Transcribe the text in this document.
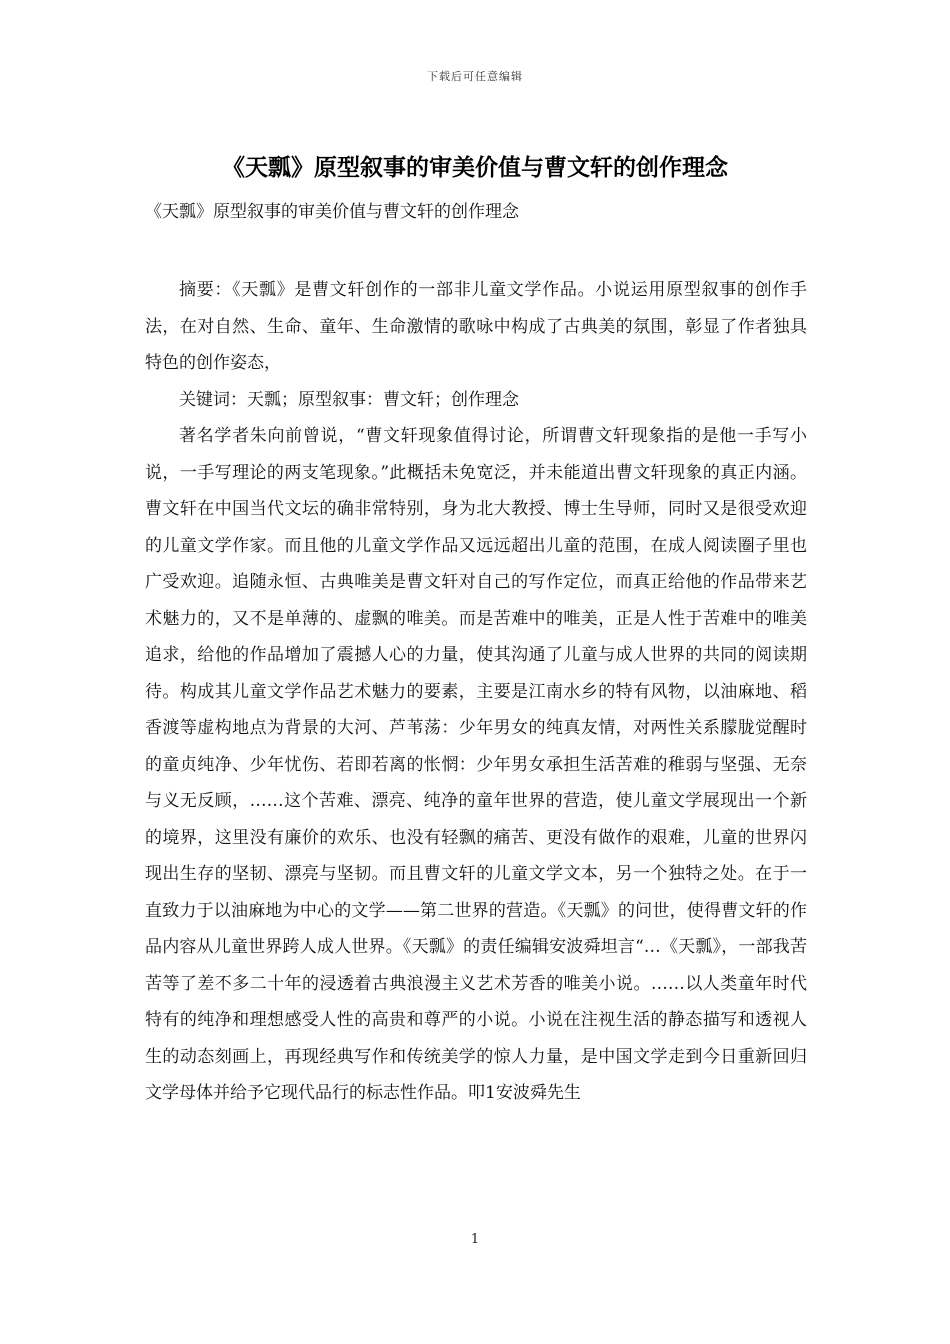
下载后可任意编辑
《天瓢》原型叙事的审美价值与曹文轩的创作理念
《天瓢》原型叙事的审美价值与曹文轩的创作理念

摘要：《天瓢》是曹文轩创作的一部非儿童文学作品。小说运用原型叙事的创作手法，在对自然、生命、童年、生命激情的歌咏中构成了古典美的氛围，彰显了作者独具特色的创作姿态，

关键词：天瓢；原型叙事：曹文轩；创作理念

著名学者朱向前曾说，“曹文轩现象值得讨论，所谓曹文轩现象指的是他一手写小说，一手写理论的两支笔现象。”此概括未免宽泛，并未能道出曹文轩现象的真正内涵。曹文轩在中国当代文坛的确非常特别，身为北大教授、博士生导师，同时又是很受欢迎的儿童文学作家。而且他的儿童文学作品又远远超出儿童的范围，在成人阅读圈子里也广受欢迎。追随永恒、古典唯美是曹文轩对自己的写作定位，而真正给他的作品带来艺术魅力的，又不是单薄的、虚飘的唯美。而是苦难中的唯美，正是人性于苦难中的唯美追求，给他的作品增加了震撼人心的力量，使其沟通了儿童与成人世界的共同的阅读期待。构成其儿童文学作品艺术魅力的要素，主要是江南水乡的特有风物，以油麻地、稻香渡等虚构地点为背景的大河、芦苇荡：少年男女的纯真友情，对两性关系朦胧觉醒时的童贞纯净、少年忧伤、若即若离的怅惘：少年男女承担生活苦难的稚弱与坚强、无奈与义无反顾，……这个苦难、漂亮、纯净的童年世界的营造，使儿童文学展现出一个新的境界，这里没有廉价的欢乐、也没有轻飘的痛苦、更没有做作的艰难，儿童的世界闪现出生存的坚韧、漂亮与坚韧。而且曹文轩的儿童文学文本，另一个独特之处。在于一直致力于以油麻地为中心的文学——第二世界的营造。《天瓢》的问世，使得曹文轩的作品内容从儿童世界跨人成人世界。《天瓢》的责任编辑安波舜坦言“…《天瓢》，一部我苦苦等了差不多二十年的浸透着古典浪漫主义艺术芳香的唯美小说。……以人类童年时代特有的纯净和理想感受人性的高贵和尊严的小说。小说在注视生活的静态描写和透视人生的动态刻画上，再现经典写作和传统美学的惊人力量，是中国文学走到今日重新回归文学母体并给予它现代品行的标志性作品。叩1安波舜先生

1
